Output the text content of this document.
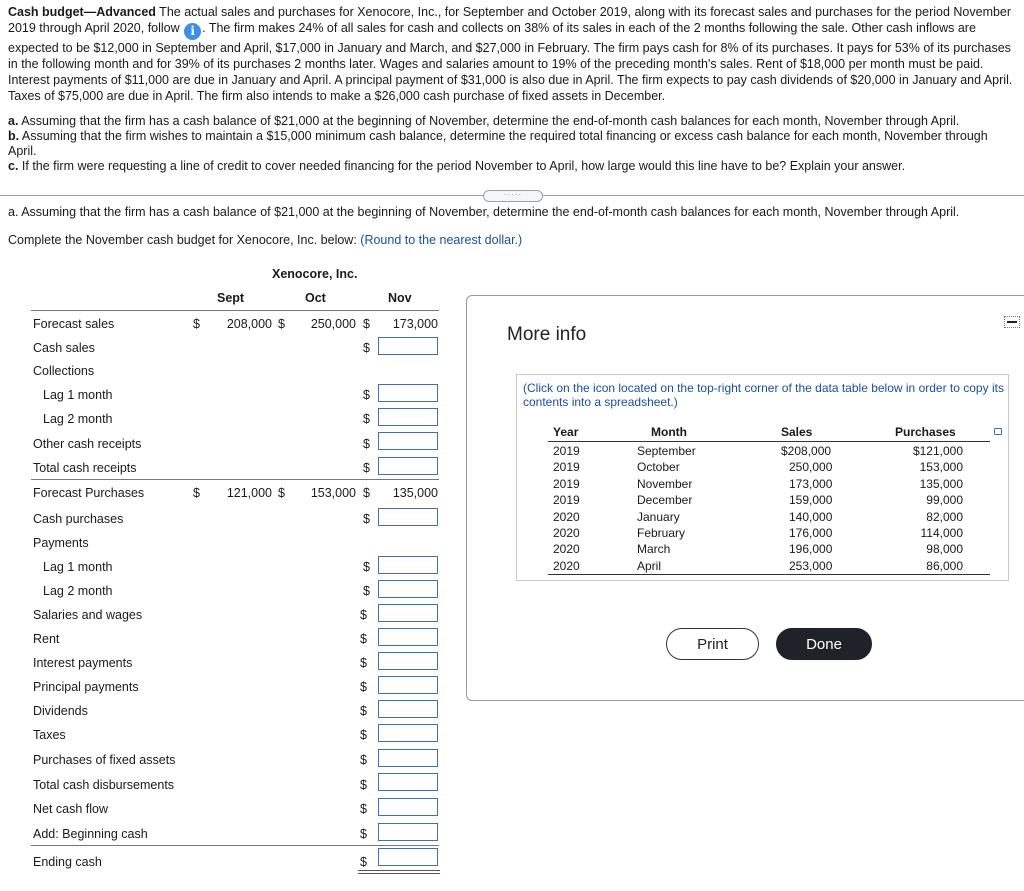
Cash budget—Advanced The actual sales and purchases for Xenocore, Inc., for September and October 2019, along with its forecast sales and purchases for the period November 2019 through April 2020, follow i . The firm makes 24% of all sales for cash and collects on 38% of its sales in each of the 2 months following the sale. Other cash inflows are expected to be $12,000 in September and April, $17,000 in January and March, and $27,000 in February. The firm pays cash for 8% of its purchases. It pays for 53% of its purchases in the following month and for 39% of its purchases 2 months later. Wages and salaries amount to 19% of the preceding month's sales. Rent of $18,000 per month must be paid. Interest payments of $11,000 are due in January and April. A principal payment of $31,000 is also due in April. The firm expects to pay cash dividends of $20,000 in January and April. Taxes of $75,000 are due in April. The firm also intends to make a $26,000 cash purchase of fixed assets in December.
a. Assuming that the firm has a cash balance of $21,000 at the beginning of November, determine the end-of-month cash balances for each month, November through April.
b. Assuming that the firm wishes to maintain a $15,000 minimum cash balance, determine the required total financing or excess cash balance for each month, November through April.
c. If the firm were requesting a line of credit to cover needed financing for the period November to April, how large would this line have to be? Explain your answer.
·····
a. Assuming that the firm has a cash balance of $21,000 at the beginning of November, determine the end-of-month cash balances for each month, November through April.
Complete the November cash budget for Xenocore, Inc. below: (Round to the nearest dollar.)
Xenocore, Inc.
Sept	Oct	Nov
Forecast sales	$	208,000 $	250,000 $	173,000
Cash sales	$
Collections
Lag 1 month	$
Lag 2 month	$
Other cash receipts	$
Total cash receipts	$
Forecast Purchases	$	121,000 $	153,000 $	135,000
Cash purchases	$
Payments
Lag 1 month	$
Lag 2 month	$
Salaries and wages	$
Rent	$
Interest payments	$
Principal payments	$
Dividends	$
Taxes	$
Purchases of fixed assets	$
Total cash disbursements	$
Net cash flow	$
Add: Beginning cash	$
Ending cash	$
More info
(Click on the icon located on the top-right corner of the data table below in order to copy its contents into a spreadsheet.)
Year	Month	Sales	Purchases
2019	September	$208,000	$121,000
2019	October	250,000	153,000
2019	November	173,000	135,000
2019	December	159,000	99,000
2020	January	140,000	82,000
2020	February	176,000	114,000
2020	March	196,000	98,000
2020	April	253,000	86,000
Print	Done
